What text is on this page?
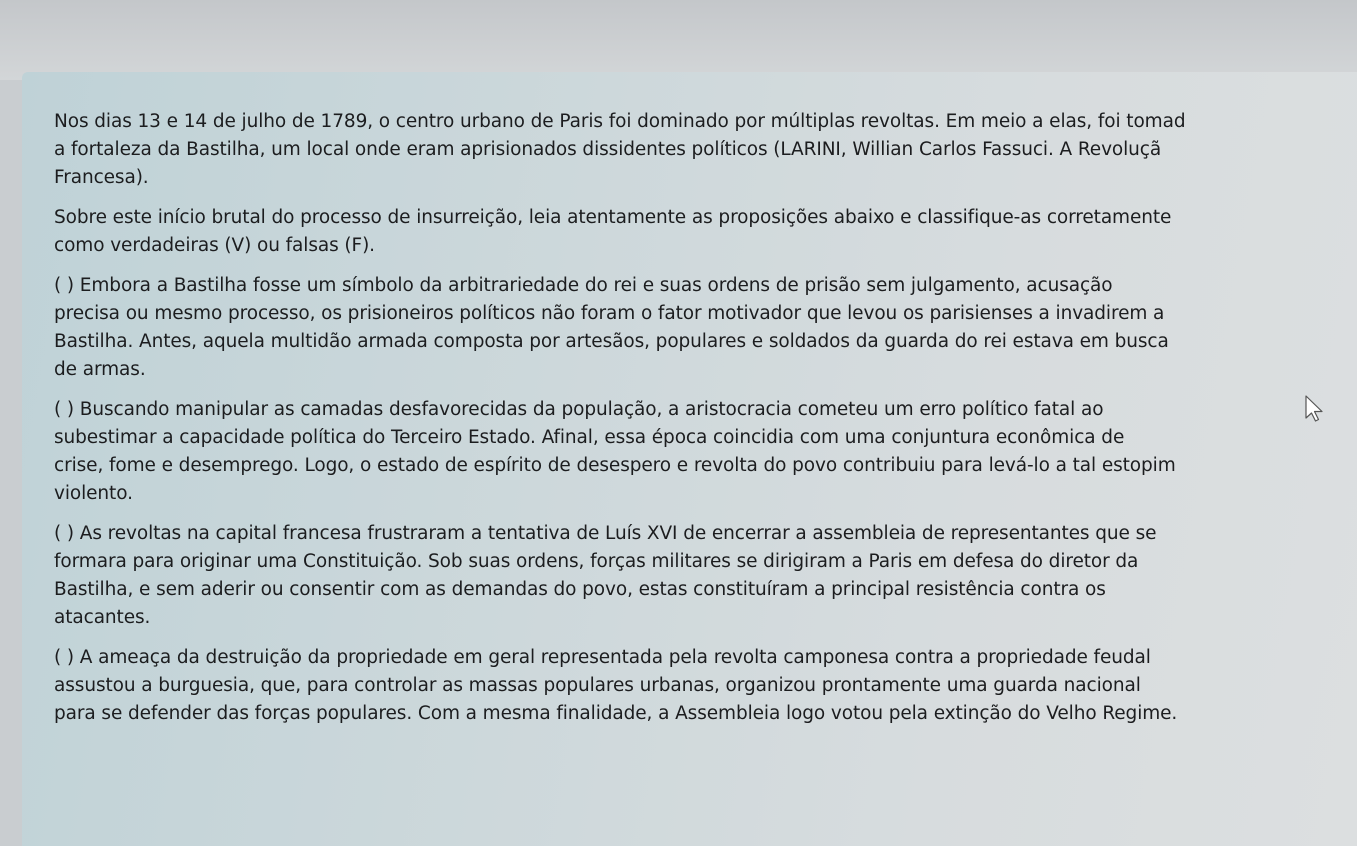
Nos dias 13 e 14 de julho de 1789, o centro urbano de Paris foi dominado por múltiplas revoltas. Em meio a elas, foi tomad
a fortaleza da Bastilha, um local onde eram aprisionados dissidentes políticos (LARINI, Willian Carlos Fassuci. A Revoluçã
Francesa).

Sobre este início brutal do processo de insurreição, leia atentamente as proposições abaixo e classifique-as corretamente
como verdadeiras (V) ou falsas (F).

( ) Embora a Bastilha fosse um símbolo da arbitrariedade do rei e suas ordens de prisão sem julgamento, acusação
precisa ou mesmo processo, os prisioneiros políticos não foram o fator motivador que levou os parisienses a invadirem a
Bastilha. Antes, aquela multidão armada composta por artesãos, populares e soldados da guarda do rei estava em busca
de armas.

( ) Buscando manipular as camadas desfavorecidas da população, a aristocracia cometeu um erro político fatal ao
subestimar a capacidade política do Terceiro Estado. Afinal, essa época coincidia com uma conjuntura econômica de
crise, fome e desemprego. Logo, o estado de espírito de desespero e revolta do povo contribuiu para levá-lo a tal estopim
violento.

( ) As revoltas na capital francesa frustraram a tentativa de Luís XVI de encerrar a assembleia de representantes que se
formara para originar uma Constituição. Sob suas ordens, forças militares se dirigiram a Paris em defesa do diretor da
Bastilha, e sem aderir ou consentir com as demandas do povo, estas constituíram a principal resistência contra os
atacantes.

( ) A ameaça da destruição da propriedade em geral representada pela revolta camponesa contra a propriedade feudal
assustou a burguesia, que, para controlar as massas populares urbanas, organizou prontamente uma guarda nacional
para se defender das forças populares. Com a mesma finalidade, a Assembleia logo votou pela extinção do Velho Regime.
